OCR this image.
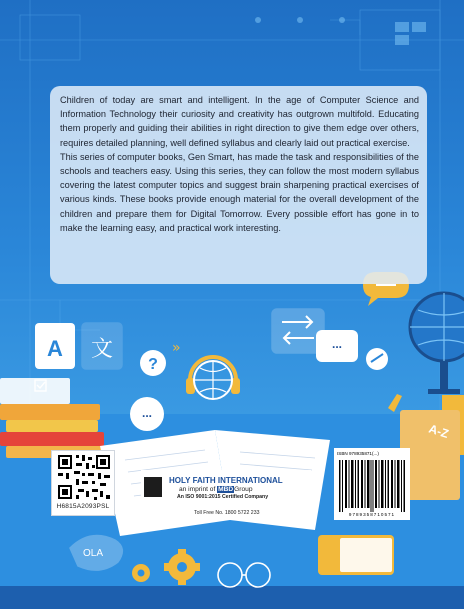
A 文
?
»
...
...
A-Z
OLA

Children of today are smart and intelligent. In the age of Computer Science and Information Technology their curiosity and creativity has outgrown multifold. Educating them properly and guiding their abilities in right direction to give them edge over others, requires detailed planning, well defined syllabus and clearly laid out practical exercise.

This series of computer books, Gen Smart, has made the task and responsibilities of the schools and teachers easy. Using this series, they can follow the most modern syllabus covering the latest computer topics and suggest brain sharpening practical exercises of various kinds. These books provide enough material for the overall development of the children and prepare them for Digital Tomorrow. Every possible effort has gone in to make the learning easy, and practical work interesting.

H6815A2093PSL
HOLY FAITH INTERNATIONAL
an imprint of MBDGroup
An ISO 9001:2015 Certified Company
Toll Free No. 1800 5722 233
ISBN 978935871(...)
9789358710571
